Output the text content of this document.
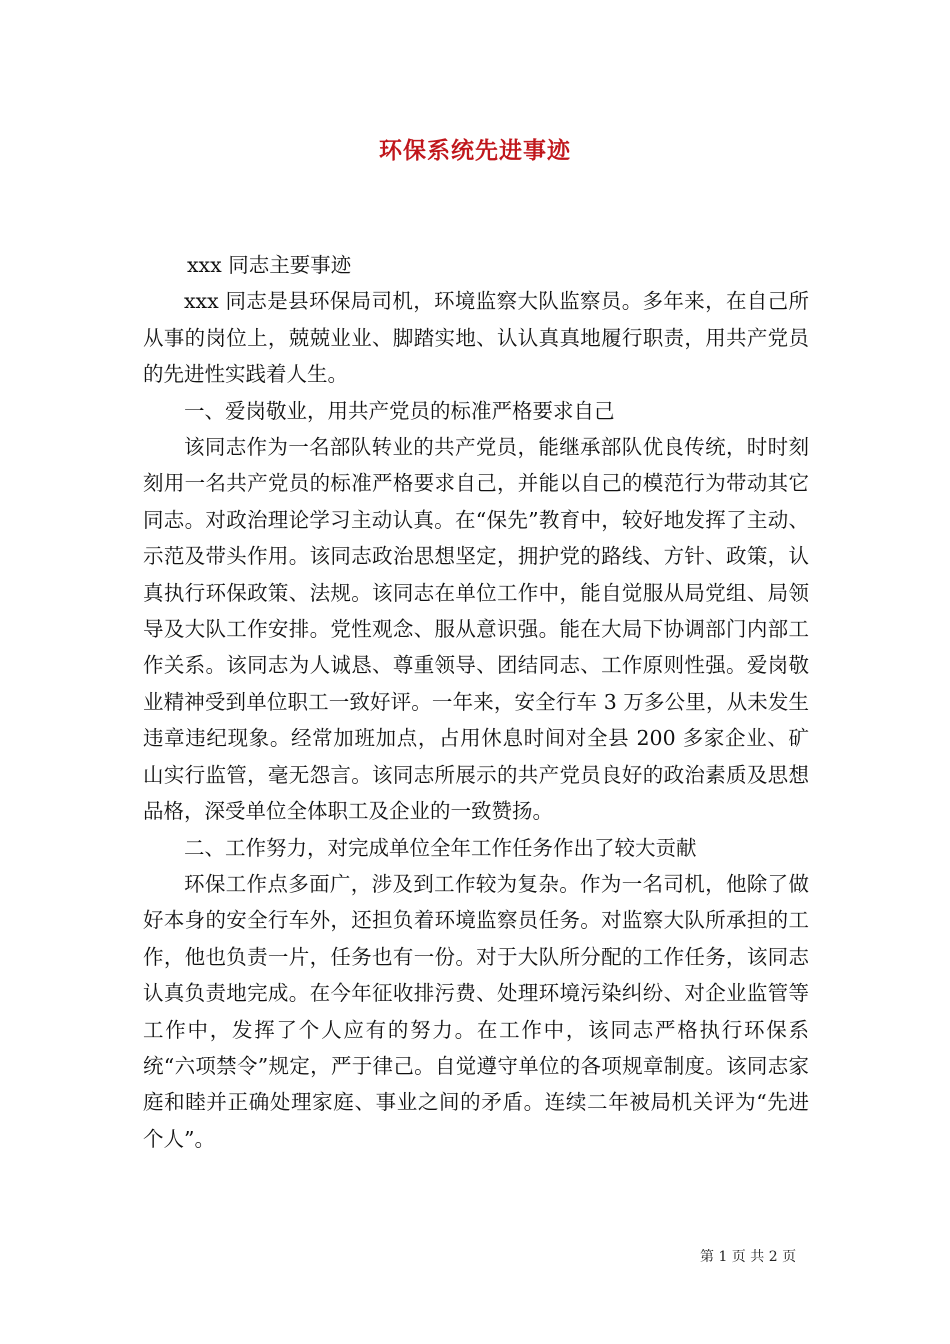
环保系统先进事迹

xxx 同志主要事迹

xxx 同志是县环保局司机，环境监察大队监察员。多年来，在自己所从事的岗位上，兢兢业业、脚踏实地、认认真真地履行职责，用共产党员的先进性实践着人生。

一、爱岗敬业，用共产党员的标准严格要求自己

该同志作为一名部队转业的共产党员，能继承部队优良传统，时时刻刻用一名共产党员的标准严格要求自己，并能以自己的模范行为带动其它同志。对政治理论学习主动认真。在“保先”教育中，较好地发挥了主动、示范及带头作用。该同志政治思想坚定，拥护党的路线、方针、政策，认真执行环保政策、法规。该同志在单位工作中，能自觉服从局党组、局领导及大队工作安排。党性观念、服从意识强。能在大局下协调部门内部工作关系。该同志为人诚恳、尊重领导、团结同志、工作原则性强。爱岗敬业精神受到单位职工一致好评。一年来，安全行车 3 万多公里，从未发生违章违纪现象。经常加班加点，占用休息时间对全县 200 多家企业、矿山实行监管，毫无怨言。该同志所展示的共产党员良好的政治素质及思想品格，深受单位全体职工及企业的一致赞扬。

二、工作努力，对完成单位全年工作任务作出了较大贡献

环保工作点多面广，涉及到工作较为复杂。作为一名司机，他除了做好本身的安全行车外，还担负着环境监察员任务。对监察大队所承担的工作，他也负责一片，任务也有一份。对于大队所分配的工作任务，该同志认真负责地完成。在今年征收排污费、处理环境污染纠纷、对企业监管等工作中，发挥了个人应有的努力。在工作中，该同志严格执行环保系统“六项禁令”规定，严于律己。自觉遵守单位的各项规章制度。该同志家庭和睦并正确处理家庭、事业之间的矛盾。连续二年被局机关评为“先进个人”。

第 1 页 共 2 页
